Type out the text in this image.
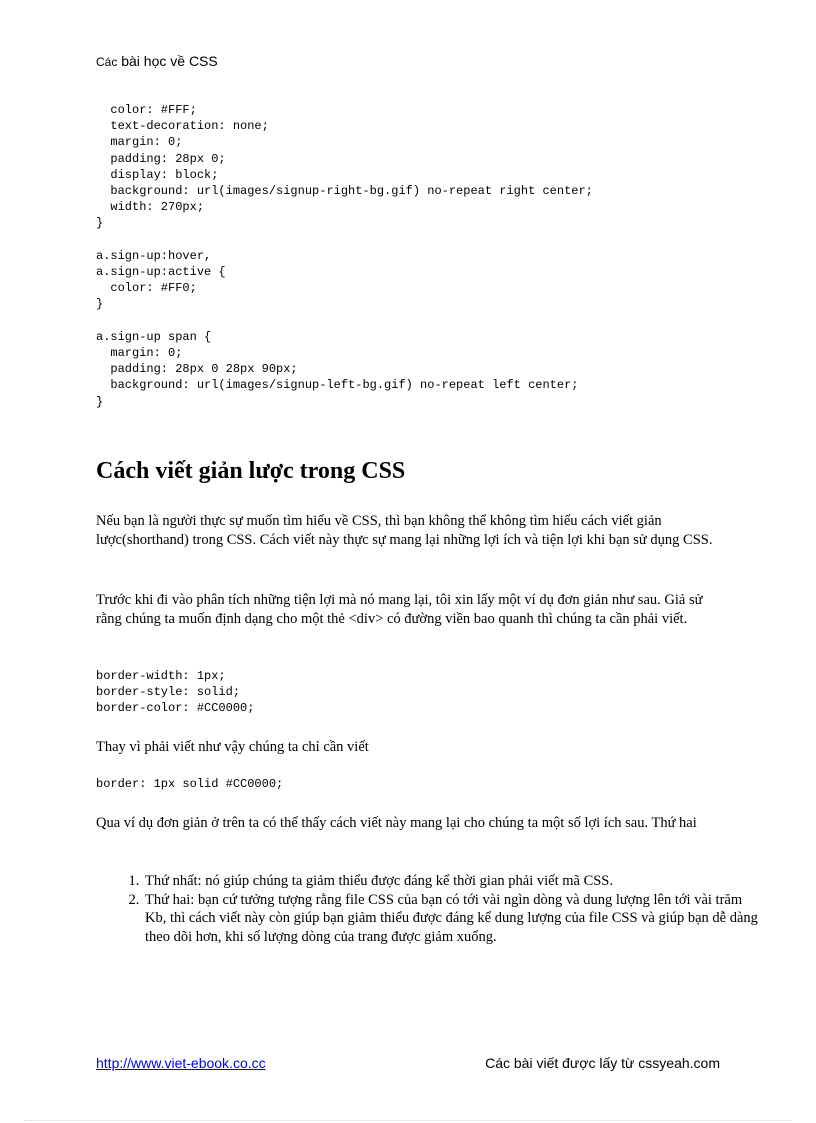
Các bài học về CSS
color: #FFF;
text-decoration: none;
margin: 0;
padding: 28px 0;
display: block;
background: url(images/signup-right-bg.gif) no-repeat right center;
width: 270px;
}

a.sign-up:hover,
a.sign-up:active {
color: #FF0;
}

a.sign-up span {
margin: 0;
padding: 28px 0 28px 90px;
background: url(images/signup-left-bg.gif) no-repeat left center;
}
Cách viết giản lược trong CSS

Nếu bạn là người thực sự muốn tìm hiểu về CSS, thì bạn không thể không tìm hiểu cách viết giản lược(shorthand) trong CSS. Cách viết này thực sự mang lại những lợi ích và tiện lợi khi bạn sử dụng CSS.

Trước khi đi vào phân tích những tiện lợi mà nó mang lại, tôi xin lấy một ví dụ đơn giản như sau. Giả sử rằng chúng ta muốn định dạng cho một thẻ <div> có đường viền bao quanh thì chúng ta cần phải viết.

border-width: 1px;
border-style: solid;
border-color: #CC0000;

Thay vì phải viết như vậy chúng ta chỉ cần viết

border: 1px solid #CC0000;

Qua ví dụ đơn giản ở trên ta có thể thấy cách viết này mang lại cho chúng ta một số lợi ích sau. Thứ hai

1. Thứ nhất: nó giúp chúng ta giảm thiểu được đáng kể thời gian phải viết mã CSS.
2. Thứ hai: bạn cứ tưởng tượng rằng file CSS của bạn có tới vài ngìn dòng và dung lượng lên tới vài trăm Kb, thì cách viết này còn giúp bạn giảm thiểu được đáng kể dung lượng của file CSS và giúp bạn dễ dàng theo dõi hơn, khi số lượng dòng của trang được giảm xuống.
http://www.viet-ebook.co.cc	Các bài viết được lấy từ cssyeah.com
